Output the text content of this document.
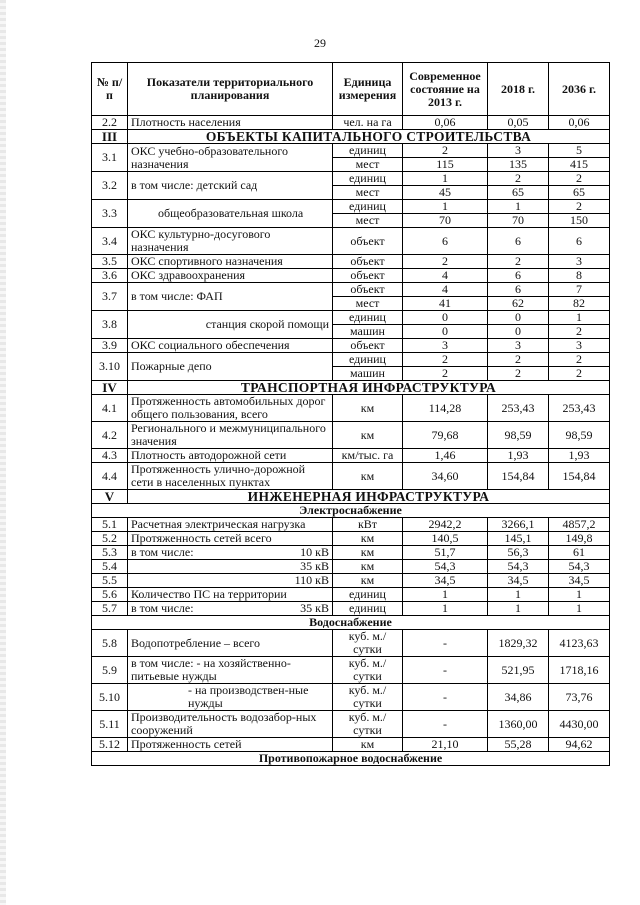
29
№ п/п	Показатели территориального планирования	Единица измерения	Современное состояние на 2013 г.	2018 г.	2036 г.
2.2	Плотность населения	чел. на га	0,06	0,05	0,06
III	ОБЪЕКТЫ КАПИТАЛЬНОГО СТРОИТЕЛЬСТВА				
3.1	ОКС учебно-образовательного назначения	единиц	2	3	5
		мест	115	135	415
3.2	в том числе: детский сад	единиц	1	2	2
		мест	45	65	65
3.3	общеобразовательная школа	единиц	1	1	2
		мест	70	70	150
3.4	ОКС культурно-досугового назначения	объект	6	6	6
3.5	ОКС спортивного назначения	объект	2	2	3
3.6	ОКС здравоохранения	объект	4	6	8
3.7	в том числе: ФАП	объект	4	6	7
		мест	41	62	82
3.8	станция скорой помощи	единиц	0	0	1
		машин	0	0	2
3.9	ОКС социального обеспечения	объект	3	3	3
3.10	Пожарные депо	единиц	2	2	2
		машин	2	2	2
IV	ТРАНСПОРТНАЯ ИНФРАСТРУКТУРА				
4.1	Протяженность автомобильных дорог общего пользования, всего	км	114,28	253,43	253,43
4.2	Регионального и межмуниципального значения	км	79,68	98,59	98,59
4.3	Плотность автодорожной сети	км/тыс. га	1,46	1,93	1,93
4.4	Протяженность улично-дорожной сети в населенных пунктах	км	34,60	154,84	154,84
V	ИНЖЕНЕРНАЯ ИНФРАСТРУКТУРА				
Электроснабжение					
5.1	Расчетная электрическая нагрузка	кВт	2942,2	3266,1	4857,2
5.2	Протяженность сетей всего	км	140,5	145,1	149,8
5.3	в том числе: 10 кВ	км	51,7	56,3	61
5.4	35 кВ	км	54,3	54,3	54,3
5.5	110 кВ	км	34,5	34,5	34,5
5.6	Количество ПС на территории	единиц	1	1	1
5.7	в том числе: 35 кВ	единиц	1	1	1
Водоснабжение					
5.8	Водопотребление – всего	куб. м./ сутки	-	1829,32	4123,63
5.9	в том числе: - на хозяйственно-питьевые нужды	куб. м./ сутки	-	521,95	1718,16
5.10	- на производствен-ные нужды	куб. м./ сутки	-	34,86	73,76
5.11	Производительность водозабор-ных сооружений	куб. м./ сутки	-	1360,00	4430,00
5.12	Протяженность сетей	км	21,10	55,28	94,62
Противопожарное водоснабжение					
